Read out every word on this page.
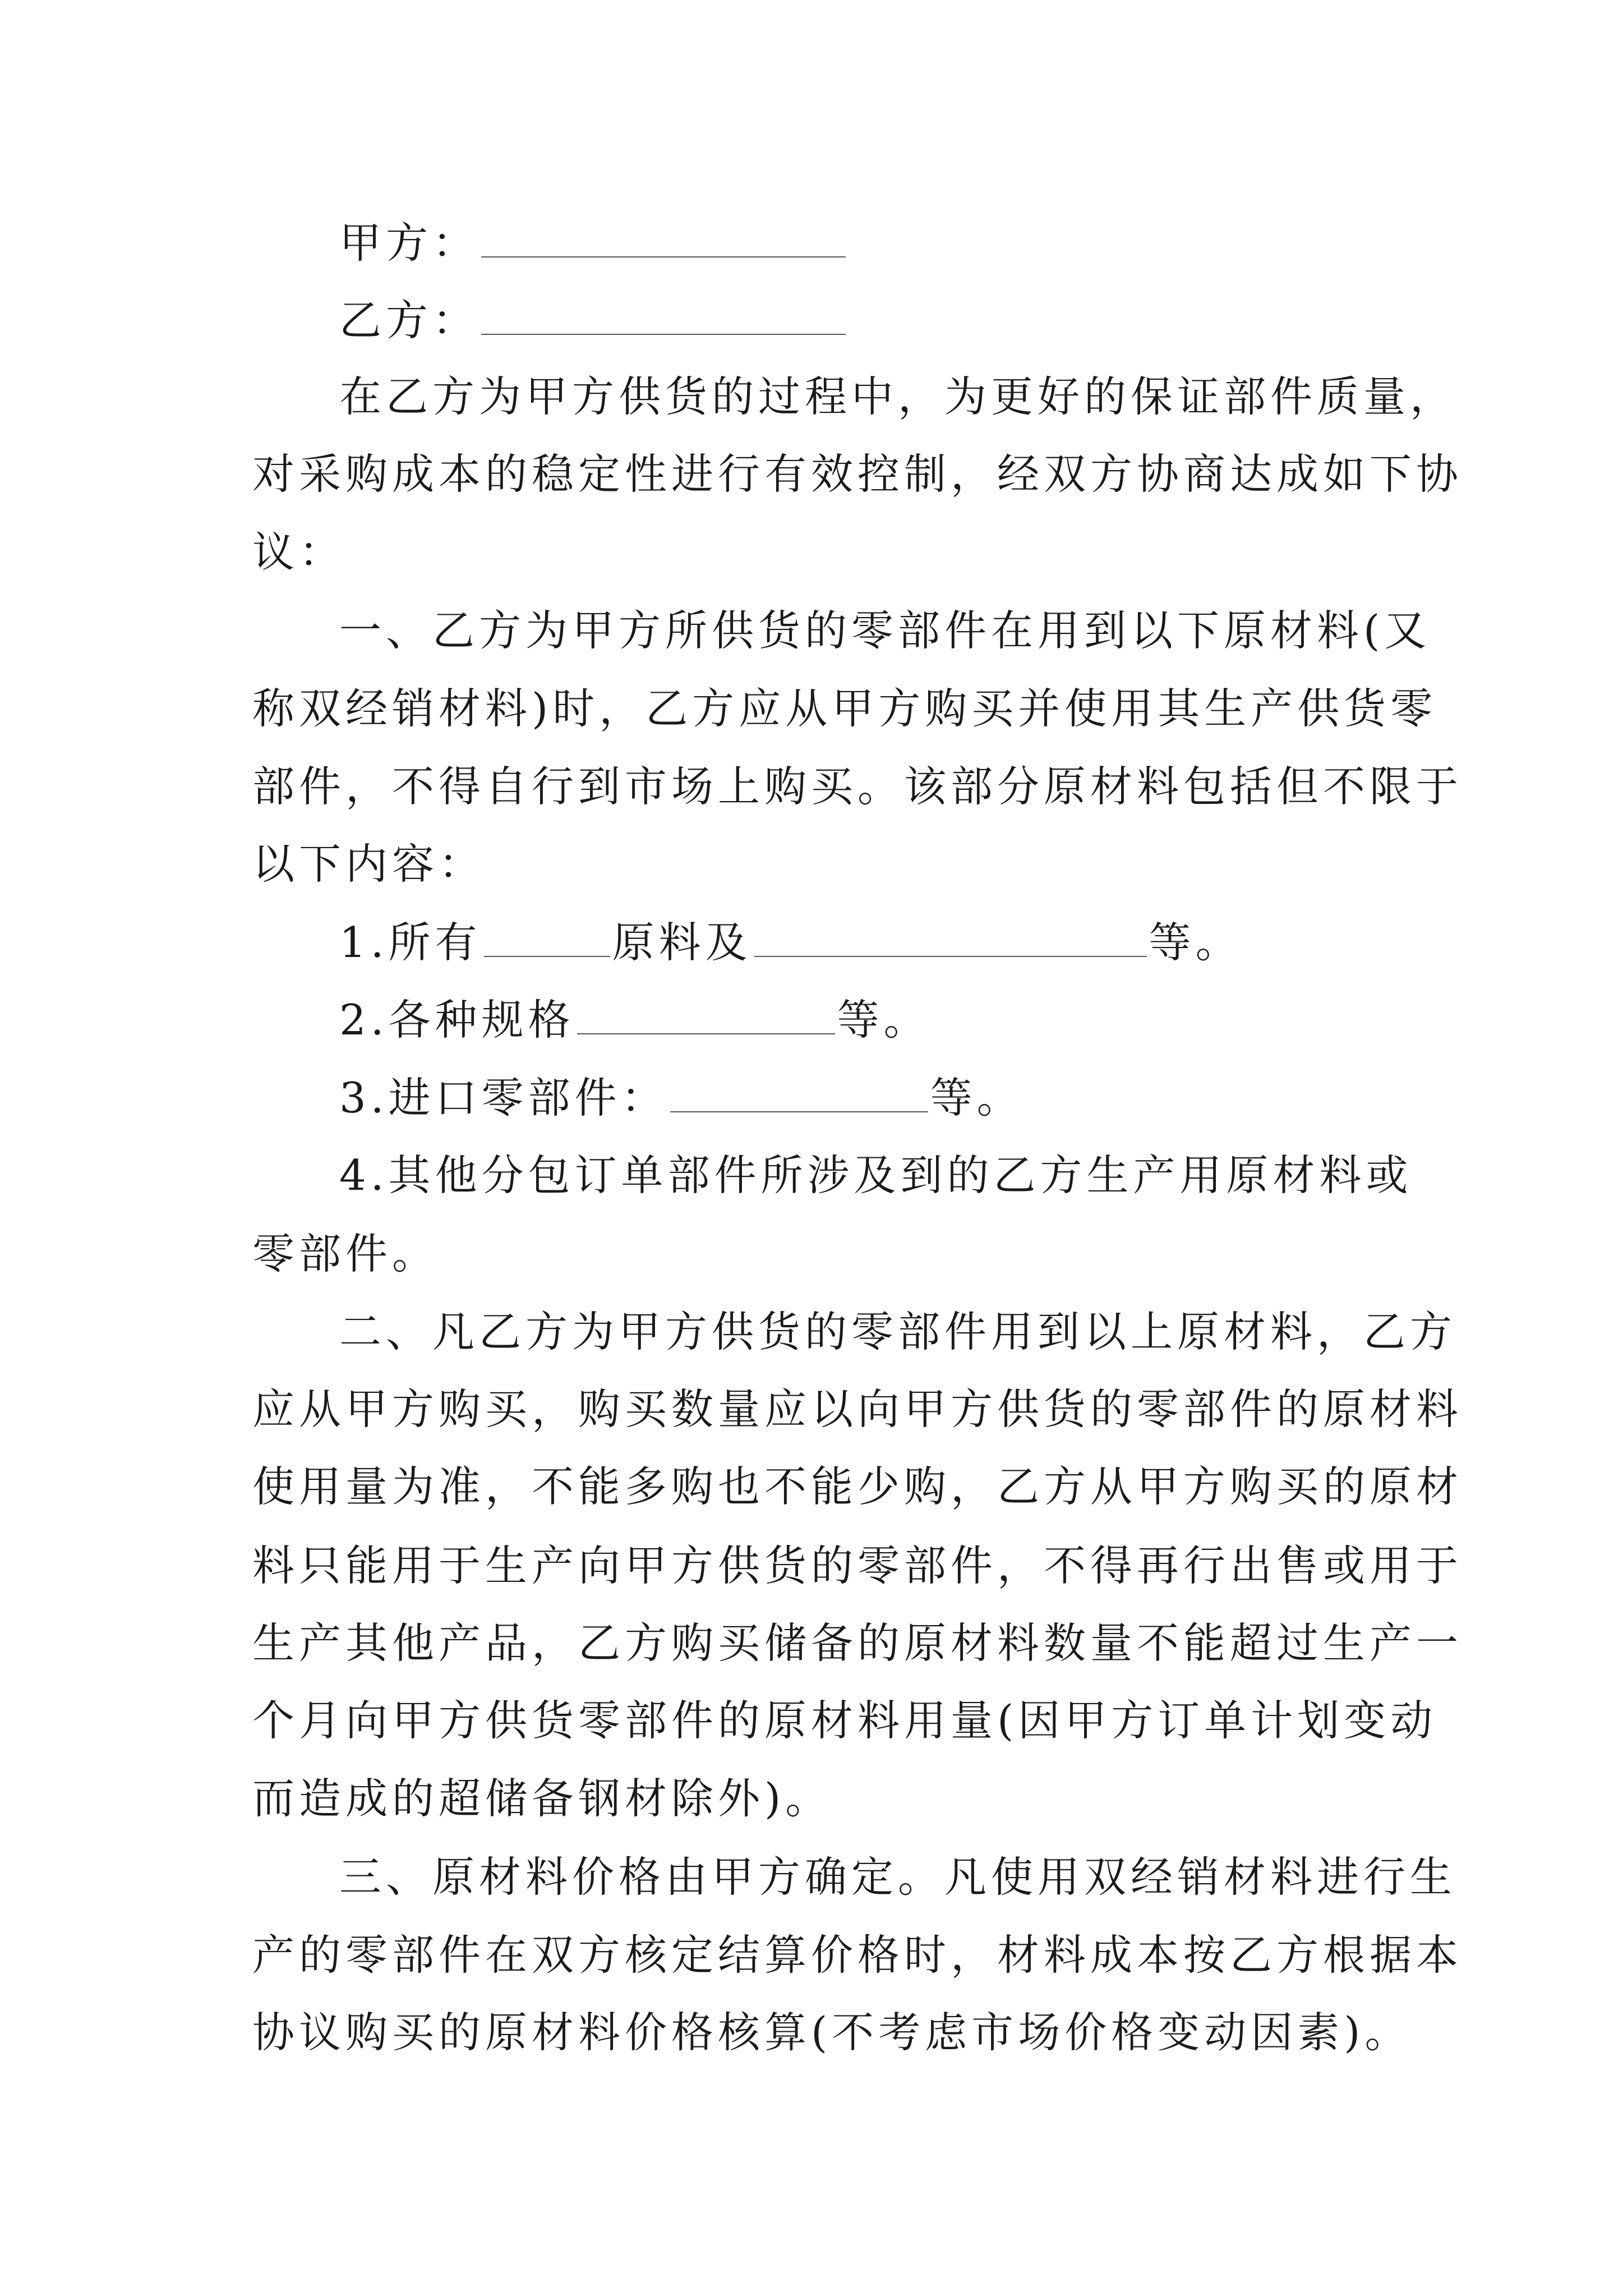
甲方：
乙方：
在乙方为甲方供货的过程中，为更好的保证部件质量，
对采购成本的稳定性进行有效控制，经双方协商达成如下协
议：
一、乙方为甲方所供货的零部件在用到以下原材料(又
称双经销材料)时，乙方应从甲方购买并使用其生产供货零
部件，不得自行到市场上购买。该部分原材料包括但不限于
以下内容：
1.所有	原料及	等。
2.各种规格	等。
3.进口零部件：	等。
4.其他分包订单部件所涉及到的乙方生产用原材料或
零部件。
二、凡乙方为甲方供货的零部件用到以上原材料，乙方
应从甲方购买，购买数量应以向甲方供货的零部件的原材料
使用量为准，不能多购也不能少购，乙方从甲方购买的原材
料只能用于生产向甲方供货的零部件，不得再行出售或用于
生产其他产品，乙方购买储备的原材料数量不能超过生产一
个月向甲方供货零部件的原材料用量(因甲方订单计划变动
而造成的超储备钢材除外)。
三、原材料价格由甲方确定。凡使用双经销材料进行生
产的零部件在双方核定结算价格时，材料成本按乙方根据本
协议购买的原材料价格核算(不考虑市场价格变动因素)。
